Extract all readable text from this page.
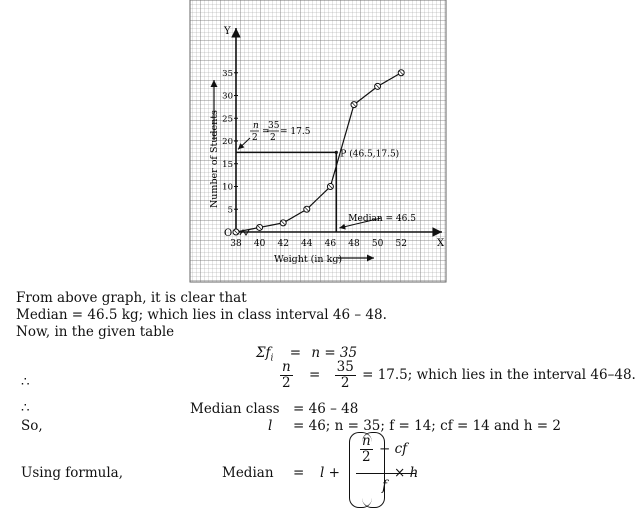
X
Y
O
38 40 42 44 46 48 50 52
5
10
15
20
25
30
35
Weight (in kg)
Number of Students	P (46.5,17.5)
Median = 46.5
n
2
=
35
2
= 17.5
From above graph, it is clear that
Median = 46.5 kg; which lies in class interval 46 – 48.
Now, in the given table
$\Sigma f_i = n = 35$
∴	$\frac{n}{2} = \frac{35}{2} = 17.5$; which lies in the interval 46–48.
∴	Median class = 46 – 48
So,	l = 46; n = 35; f = 14; cf = 14 and h = 2
Using formula,	Median = l +
$\frac{n}{2}$ − cf
f
× h
